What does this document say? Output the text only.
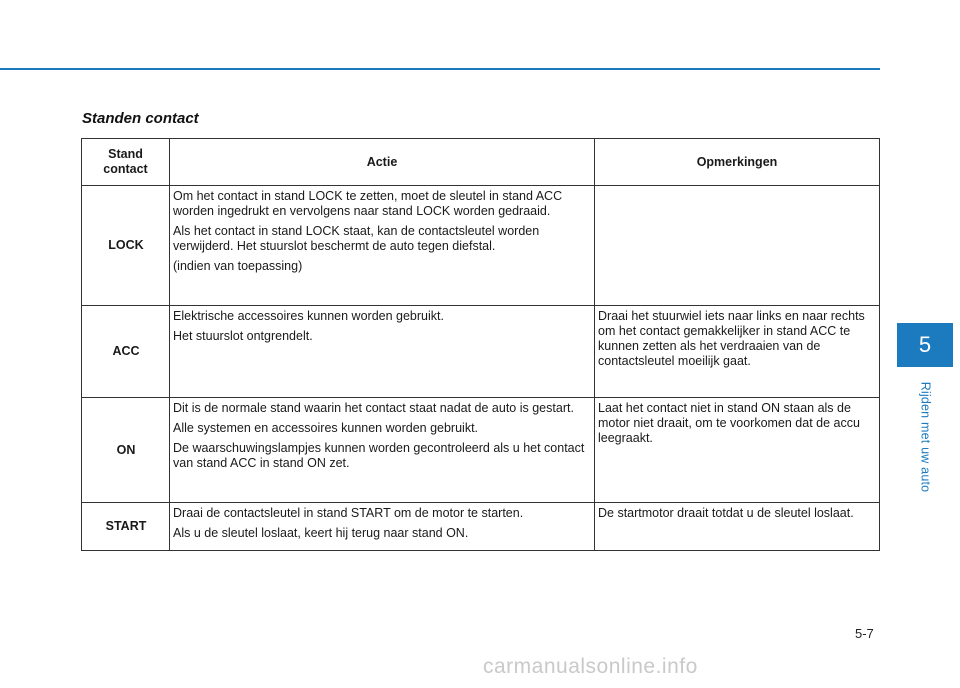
Standen contact
Stand contact	Actie	Opmerkingen
LOCK	Om het contact in stand LOCK te zetten, moet de sleutel in stand ACC worden ingedrukt en vervolgens naar stand LOCK worden gedraaid.

Als het contact in stand LOCK staat, kan de contactsleutel worden verwijderd. Het stuurslot beschermt de auto tegen diefstal.

(indien van toepassing)	

ACC	Elektrische accessoires kunnen worden gebruikt.

Het stuurslot ontgrendelt.	Draai het stuurwiel iets naar links en naar rechts om het contact gemakkelijker in stand ACC te kunnen zetten als het verdraaien van de contactsleutel moeilijk gaat.
ON	Dit is de normale stand waarin het contact staat nadat de auto is gestart.

Alle systemen en accessoires kunnen worden gebruikt.

De waarschuwingslampjes kunnen worden gecontroleerd als u het contact van stand ACC in stand ON zet.	Laat het contact niet in stand ON staan als de motor niet draait, om te voorkomen dat de accu leegraakt.
START	Draai de contactsleutel in stand START om de motor te starten.

Als u de sleutel loslaat, keert hij terug naar stand ON.	De startmotor draait totdat u de sleutel loslaat.
5
Rijden met uw auto
5-7
carmanualsonline.info
